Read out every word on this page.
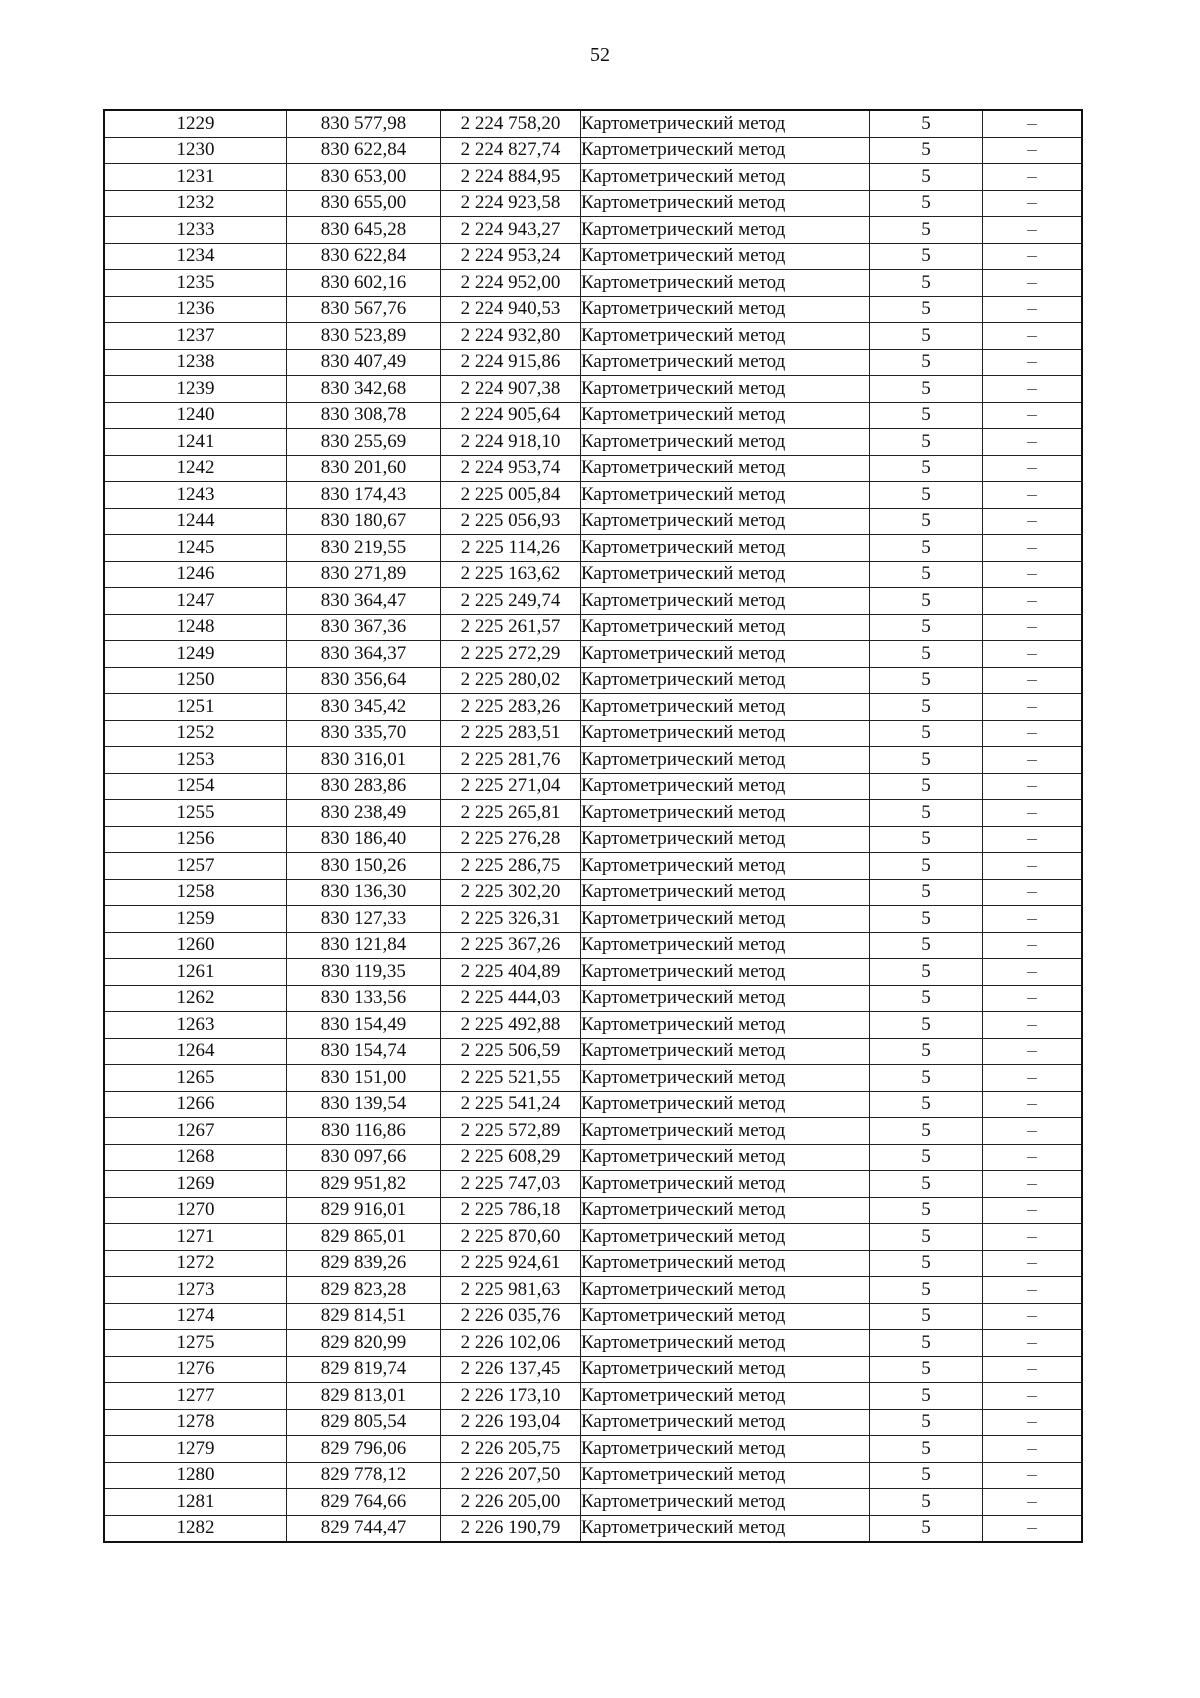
52
1229	830 577,98	2 224 758,20	Картометрический метод	5	–
1230	830 622,84	2 224 827,74	Картометрический метод	5	–
1231	830 653,00	2 224 884,95	Картометрический метод	5	–
1232	830 655,00	2 224 923,58	Картометрический метод	5	–
1233	830 645,28	2 224 943,27	Картометрический метод	5	–
1234	830 622,84	2 224 953,24	Картометрический метод	5	–
1235	830 602,16	2 224 952,00	Картометрический метод	5	–
1236	830 567,76	2 224 940,53	Картометрический метод	5	–
1237	830 523,89	2 224 932,80	Картометрический метод	5	–
1238	830 407,49	2 224 915,86	Картометрический метод	5	–
1239	830 342,68	2 224 907,38	Картометрический метод	5	–
1240	830 308,78	2 224 905,64	Картометрический метод	5	–
1241	830 255,69	2 224 918,10	Картометрический метод	5	–
1242	830 201,60	2 224 953,74	Картометрический метод	5	–
1243	830 174,43	2 225 005,84	Картометрический метод	5	–
1244	830 180,67	2 225 056,93	Картометрический метод	5	–
1245	830 219,55	2 225 114,26	Картометрический метод	5	–
1246	830 271,89	2 225 163,62	Картометрический метод	5	–
1247	830 364,47	2 225 249,74	Картометрический метод	5	–
1248	830 367,36	2 225 261,57	Картометрический метод	5	–
1249	830 364,37	2 225 272,29	Картометрический метод	5	–
1250	830 356,64	2 225 280,02	Картометрический метод	5	–
1251	830 345,42	2 225 283,26	Картометрический метод	5	–
1252	830 335,70	2 225 283,51	Картометрический метод	5	–
1253	830 316,01	2 225 281,76	Картометрический метод	5	–
1254	830 283,86	2 225 271,04	Картометрический метод	5	–
1255	830 238,49	2 225 265,81	Картометрический метод	5	–
1256	830 186,40	2 225 276,28	Картометрический метод	5	–
1257	830 150,26	2 225 286,75	Картометрический метод	5	–
1258	830 136,30	2 225 302,20	Картометрический метод	5	–
1259	830 127,33	2 225 326,31	Картометрический метод	5	–
1260	830 121,84	2 225 367,26	Картометрический метод	5	–
1261	830 119,35	2 225 404,89	Картометрический метод	5	–
1262	830 133,56	2 225 444,03	Картометрический метод	5	–
1263	830 154,49	2 225 492,88	Картометрический метод	5	–
1264	830 154,74	2 225 506,59	Картометрический метод	5	–
1265	830 151,00	2 225 521,55	Картометрический метод	5	–
1266	830 139,54	2 225 541,24	Картометрический метод	5	–
1267	830 116,86	2 225 572,89	Картометрический метод	5	–
1268	830 097,66	2 225 608,29	Картометрический метод	5	–
1269	829 951,82	2 225 747,03	Картометрический метод	5	–
1270	829 916,01	2 225 786,18	Картометрический метод	5	–
1271	829 865,01	2 225 870,60	Картометрический метод	5	–
1272	829 839,26	2 225 924,61	Картометрический метод	5	–
1273	829 823,28	2 225 981,63	Картометрический метод	5	–
1274	829 814,51	2 226 035,76	Картометрический метод	5	–
1275	829 820,99	2 226 102,06	Картометрический метод	5	–
1276	829 819,74	2 226 137,45	Картометрический метод	5	–
1277	829 813,01	2 226 173,10	Картометрический метод	5	–
1278	829 805,54	2 226 193,04	Картометрический метод	5	–
1279	829 796,06	2 226 205,75	Картометрический метод	5	–
1280	829 778,12	2 226 207,50	Картометрический метод	5	–
1281	829 764,66	2 226 205,00	Картометрический метод	5	–
1282	829 744,47	2 226 190,79	Картометрический метод	5	–
